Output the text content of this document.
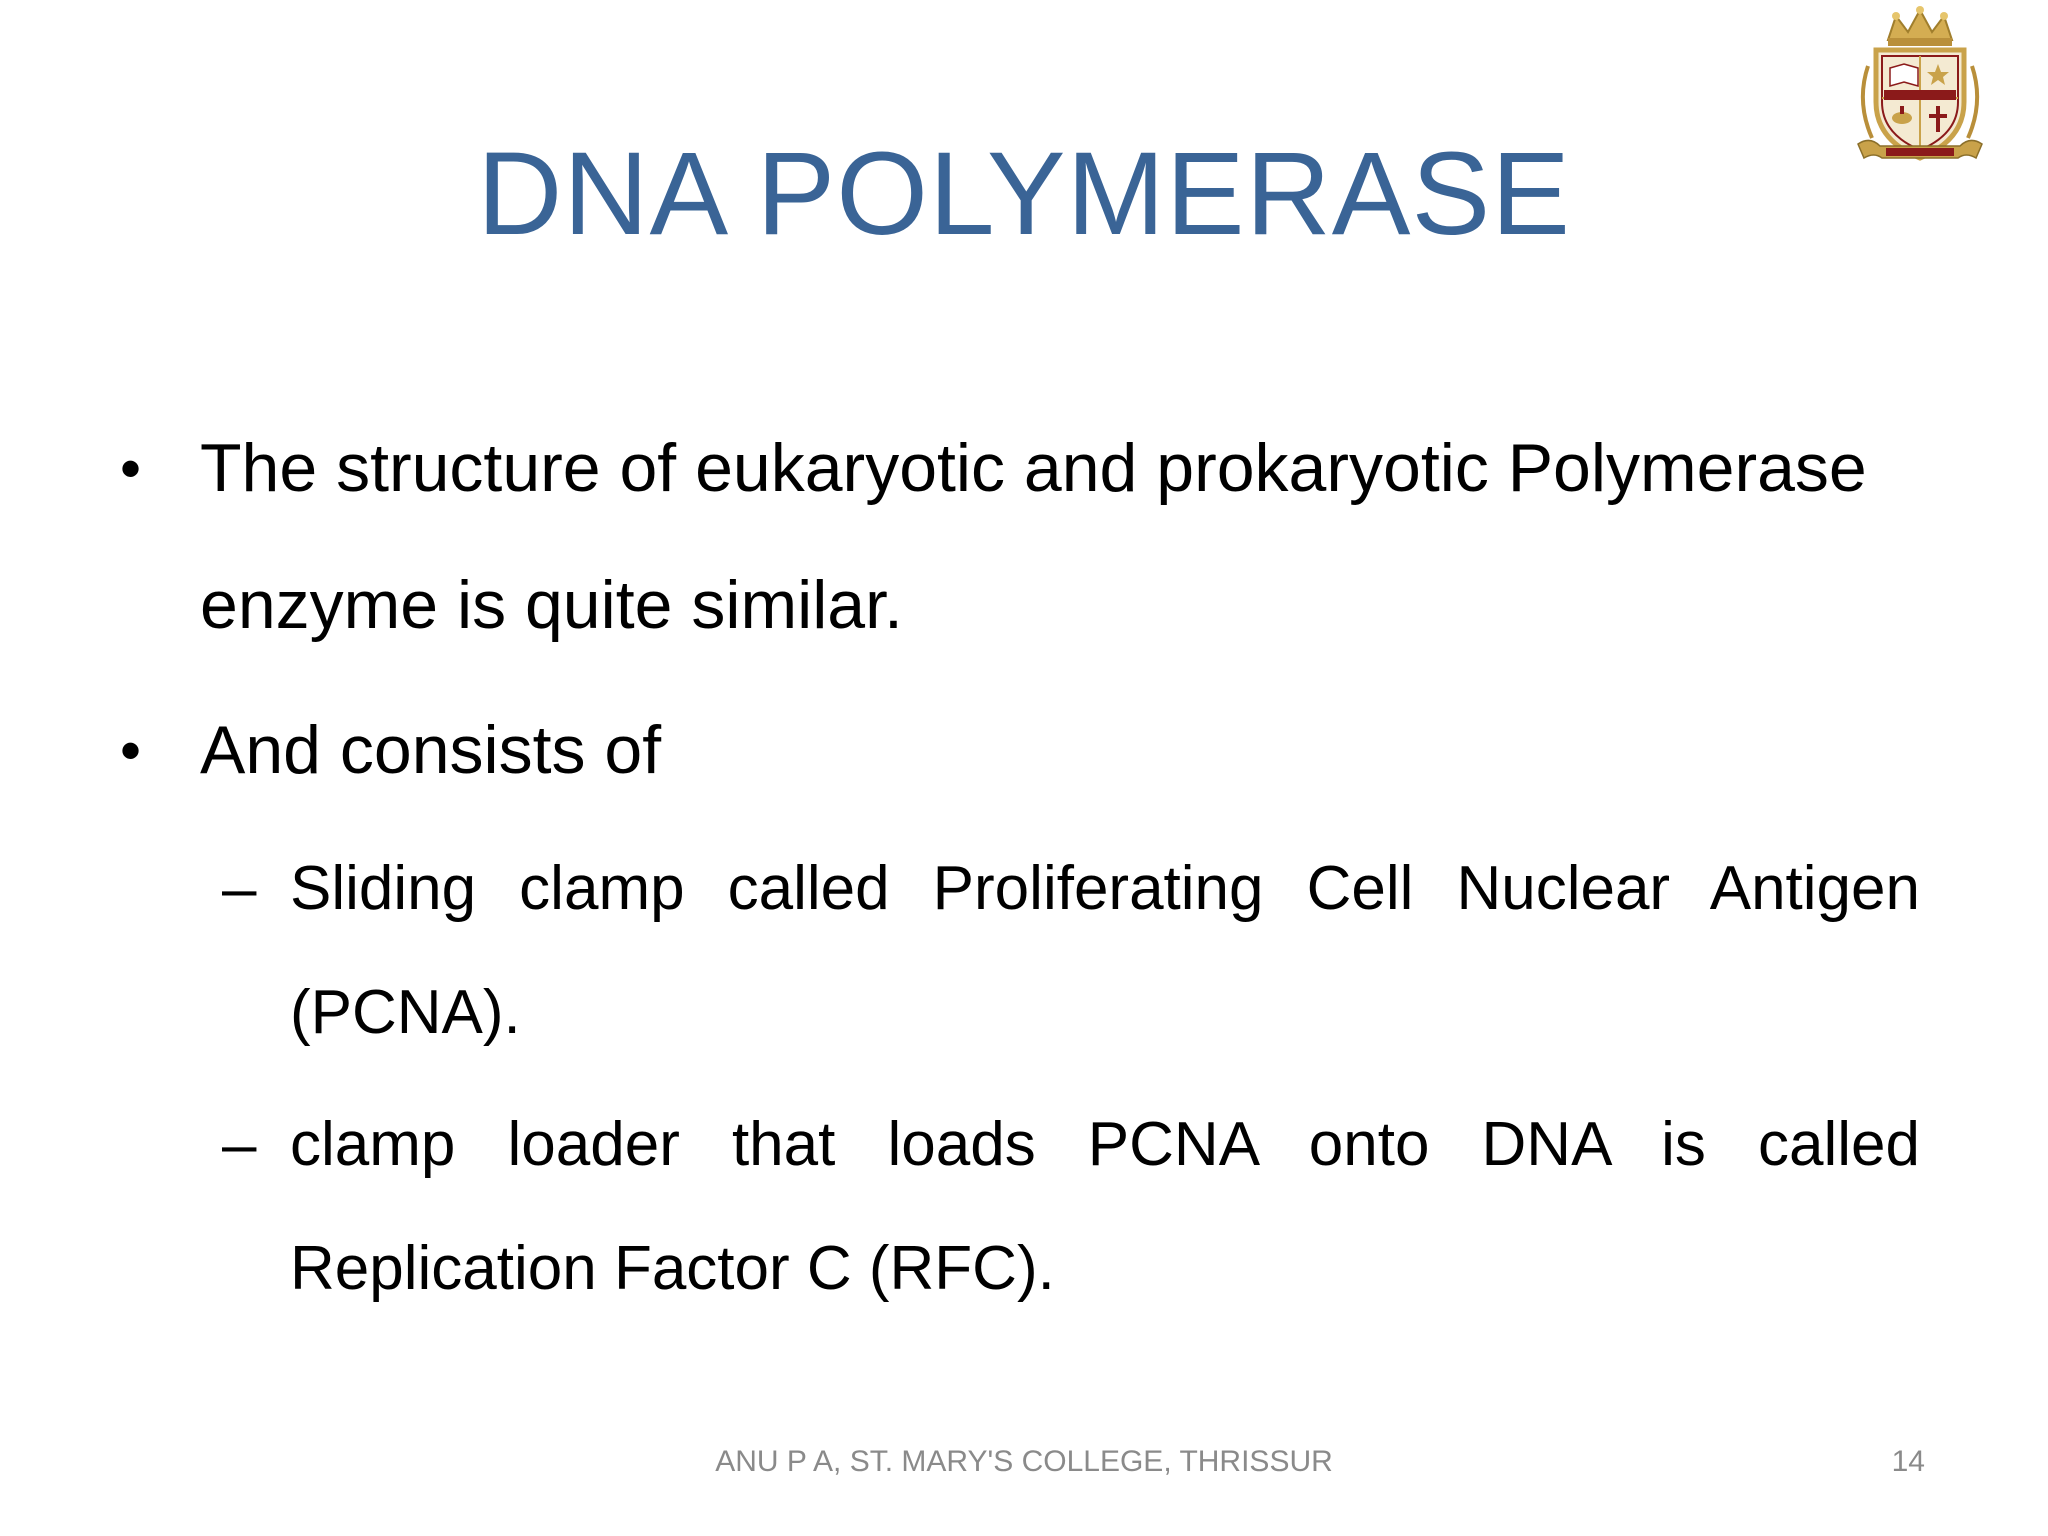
DNA POLYMERASE
• The structure of eukaryotic and prokaryotic Polymerase enzyme is quite similar.
• And consists of
– Sliding clamp called Proliferating Cell Nuclear Antigen (PCNA).
– clamp loader that loads PCNA onto DNA is called Replication Factor C (RFC).
ANU P A, ST. MARY'S COLLEGE, THRISSUR	14
